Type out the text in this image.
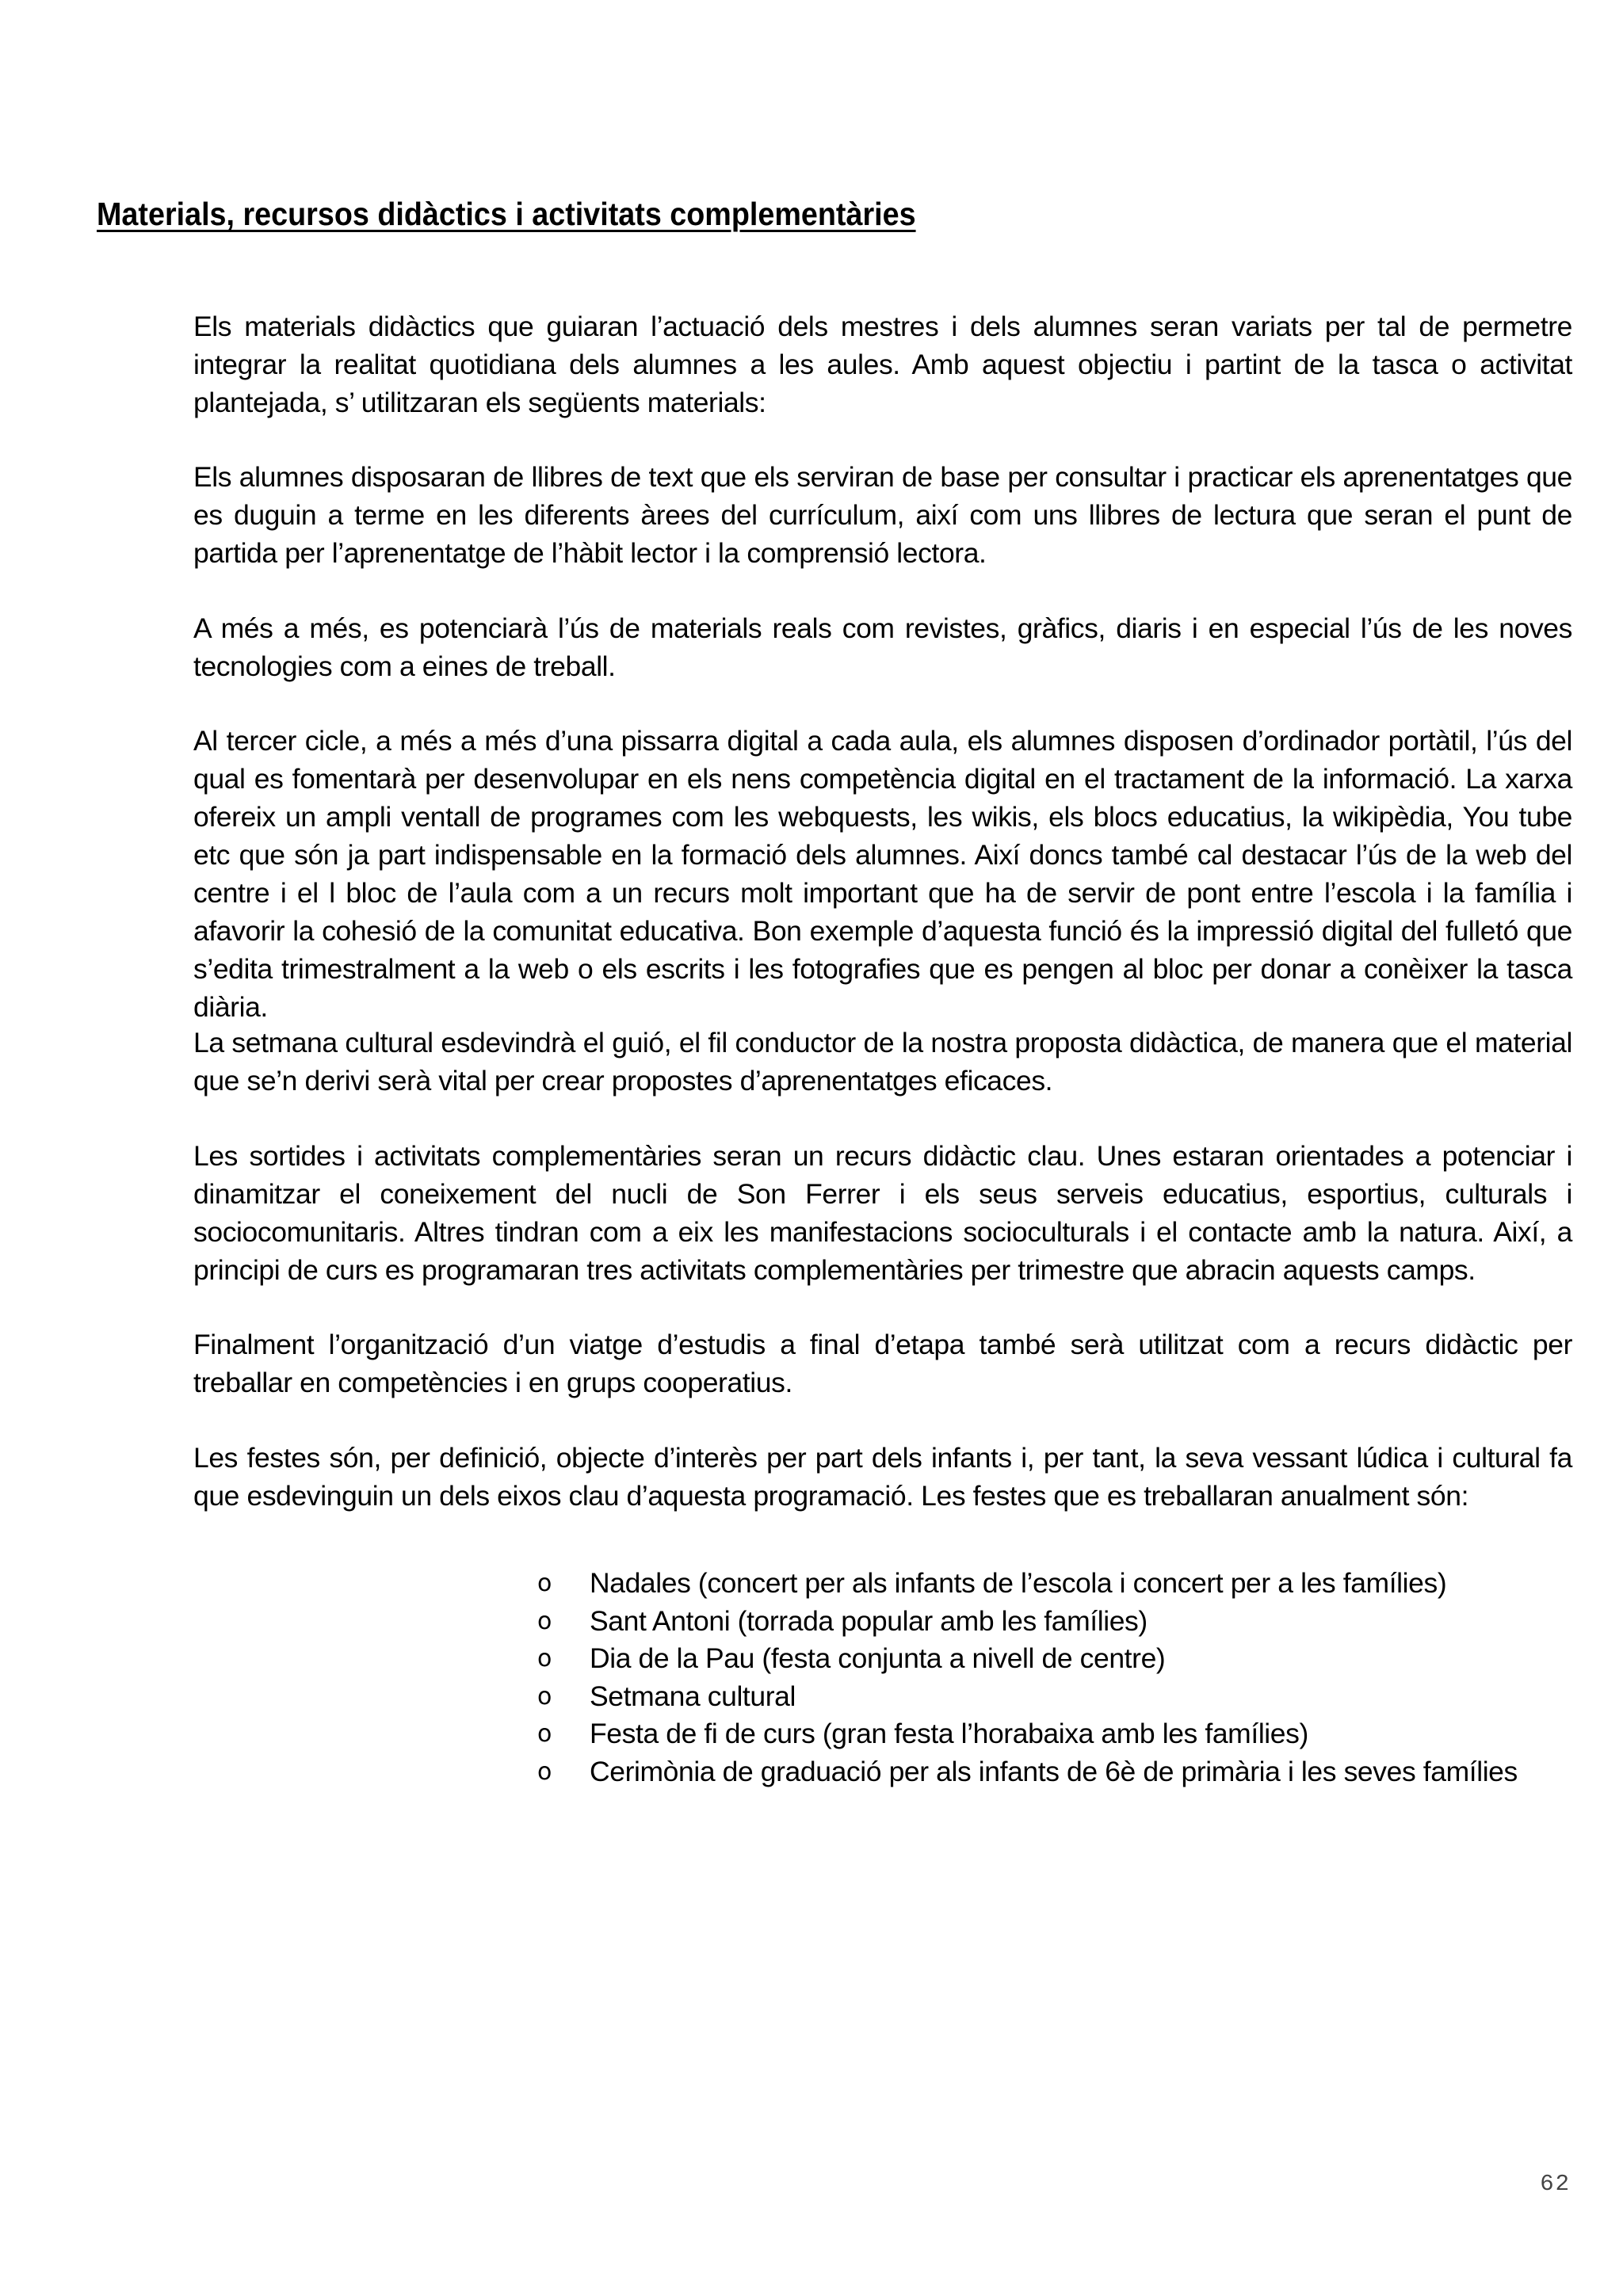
Materials, recursos didàctics i activitats complementàries

Els materials didàctics que guiaran l’actuació dels mestres i dels alumnes seran variats per tal de permetre integrar la realitat quotidiana dels alumnes a les aules. Amb aquest objectiu i partint de la tasca o activitat plantejada, s’ utilitzaran els següents materials:

Els alumnes disposaran de llibres de text que els serviran de base per consultar i practicar els aprenentatges que es duguin a terme en les diferents àrees del currículum, així com uns llibres de lectura que seran el punt de partida per l’aprenentatge de l’hàbit lector i la comprensió lectora.

A més a més, es potenciarà l’ús de materials reals com revistes, gràfics, diaris i en especial l’ús de les noves tecnologies com a eines de treball.

Al tercer cicle, a més a més d’una pissarra digital a cada aula, els alumnes disposen d’ordinador portàtil, l’ús del qual es fomentarà per desenvolupar en els nens competència digital en el tractament de la informació. La xarxa ofereix un ampli ventall de programes com les webquests, les wikis, els blocs educatius, la wikipèdia, You tube etc que són ja part indispensable en la formació dels alumnes. Així doncs també cal destacar l’ús de la web del centre i el l bloc de l’aula com a un recurs molt important que ha de servir de pont entre l’escola i la família i afavorir la cohesió de la comunitat educativa. Bon exemple d’aquesta funció és la impressió digital del fulletó que s’edita trimestralment a la web o els escrits i les fotografies que es pengen al bloc per donar a conèixer la tasca diària.

La setmana cultural esdevindrà el guió, el fil conductor de la nostra proposta didàctica, de manera que el material que se’n derivi serà vital per crear propostes d’aprenentatges eficaces.

Les sortides i activitats complementàries seran un recurs didàctic clau. Unes estaran orientades a potenciar i dinamitzar el coneixement del nucli de Son Ferrer i els seus serveis educatius, esportius, culturals i sociocomunitaris. Altres tindran com a eix les manifestacions socioculturals i el contacte amb la natura. Així, a principi de curs es programaran tres activitats complementàries per trimestre que abracin aquests camps.

Finalment l’organització d’un viatge d’estudis a final d’etapa també serà utilitzat com a recurs didàctic per treballar en competències i en grups cooperatius.

Les festes són, per definició, objecte d’interès per part dels infants i, per tant, la seva vessant lúdica i cultural fa que esdevinguin un dels eixos clau d’aquesta programació. Les festes que es treballaran anualment són:

o Nadales (concert per als infants de l’escola i concert per a les famílies)
o Sant Antoni (torrada popular amb les famílies)
o Dia de la Pau (festa conjunta a nivell de centre)
o Setmana cultural
o Festa de fi de curs (gran festa l’horabaixa amb les famílies)
o Cerimònia de graduació per als infants de 6è de primària i les seves famílies
62
